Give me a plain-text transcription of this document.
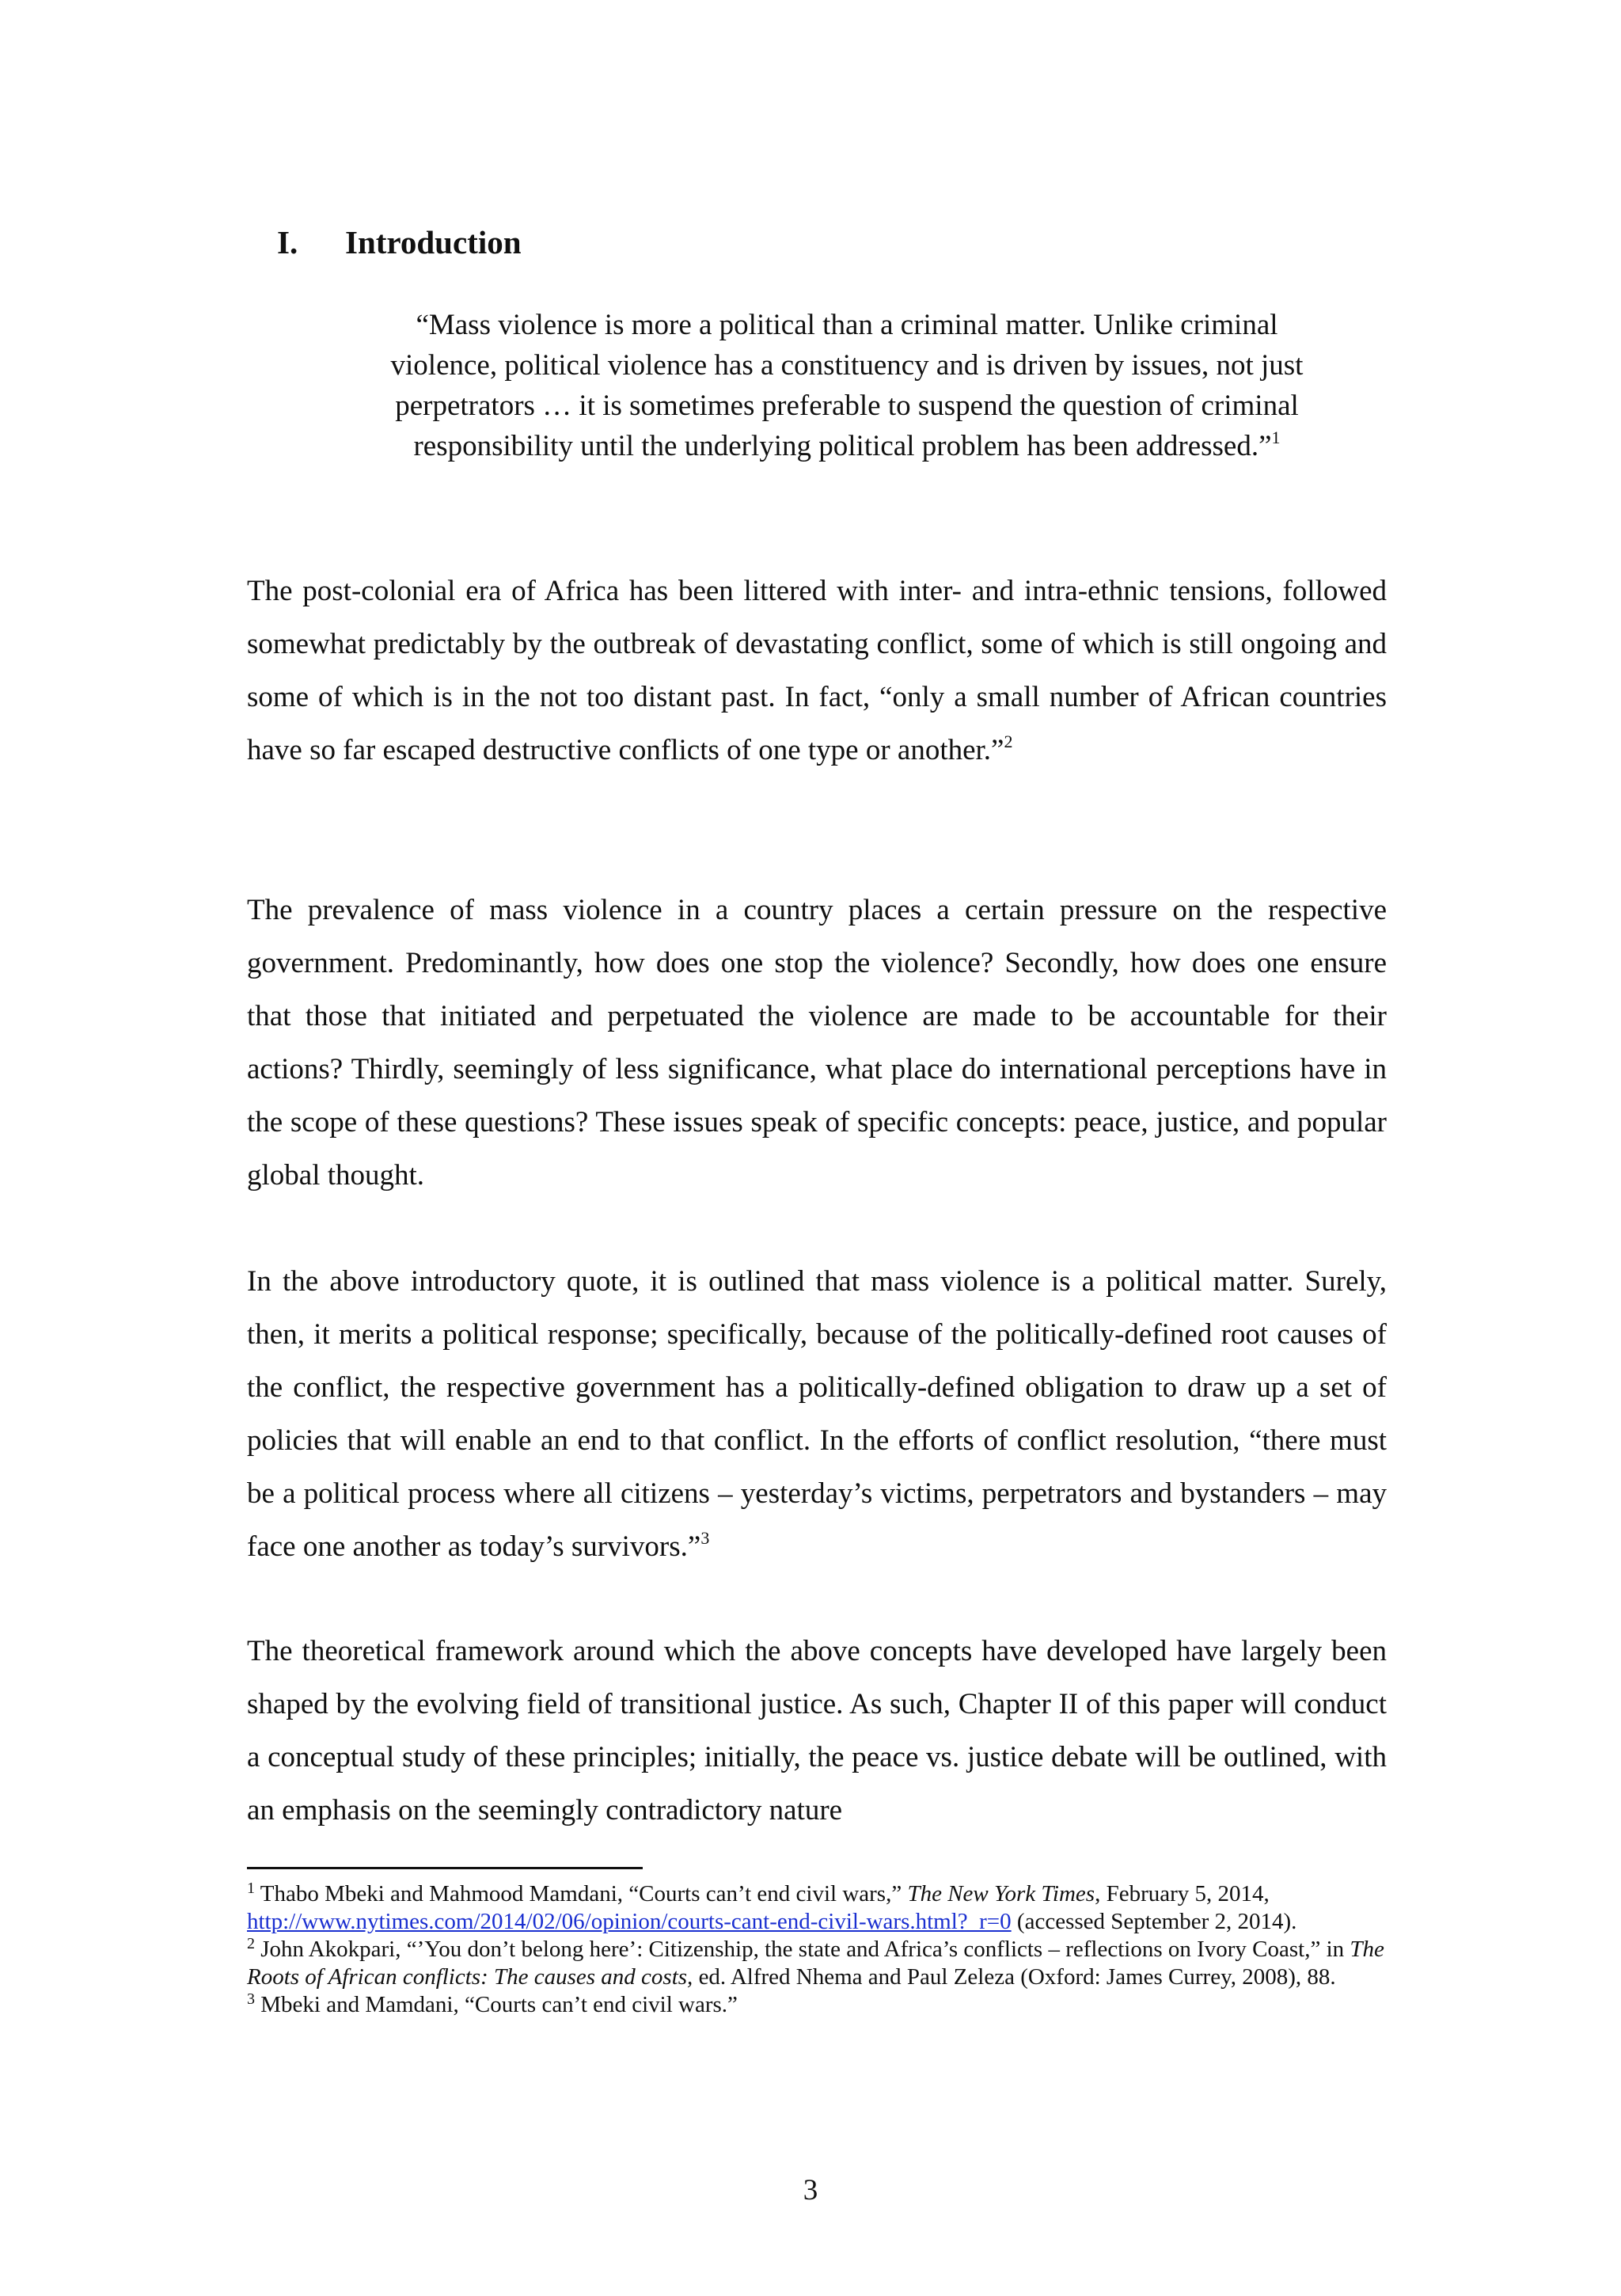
I. Introduction
“Mass violence is more a political than a criminal matter. Unlike criminal violence, political violence has a constituency and is driven by issues, not just perpetrators … it is sometimes preferable to suspend the question of criminal responsibility until the underlying political problem has been addressed.”$^1$
The post-colonial era of Africa has been littered with inter- and intra-ethnic tensions, followed somewhat predictably by the outbreak of devastating conflict, some of which is still ongoing and some of which is in the not too distant past. In fact, “only a small number of African countries have so far escaped destructive conflicts of one type or another.”$^2$
The prevalence of mass violence in a country places a certain pressure on the respective government. Predominantly, how does one stop the violence? Secondly, how does one ensure that those that initiated and perpetuated the violence are made to be accountable for their actions? Thirdly, seemingly of less significance, what place do international perceptions have in the scope of these questions? These issues speak of specific concepts: peace, justice, and popular global thought.
In the above introductory quote, it is outlined that mass violence is a political matter. Surely, then, it merits a political response; specifically, because of the politically-defined root causes of the conflict, the respective government has a politically-defined obligation to draw up a set of policies that will enable an end to that conflict. In the efforts of conflict resolution, “there must be a political process where all citizens – yesterday’s victims, perpetrators and bystanders – may face one another as today’s survivors.”$^3$
The theoretical framework around which the above concepts have developed have largely been shaped by the evolving field of transitional justice. As such, Chapter II of this paper will conduct a conceptual study of these principles; initially, the peace vs. justice debate will be outlined, with an emphasis on the seemingly contradictory nature

$^1$ Thabo Mbeki and Mahmood Mamdani, “Courts can’t end civil wars,” The New York Times, February 5, 2014, http://www.nytimes.com/2014/02/06/opinion/courts-cant-end-civil-wars.html?_r=0 (accessed September 2, 2014).

$^2$ John Akokpari, “’You don’t belong here’: Citizenship, the state and Africa’s conflicts – reflections on Ivory Coast,” in The Roots of African conflicts: The causes and costs, ed. Alfred Nhema and Paul Zeleza (Oxford: James Currey, 2008), 88.

$^3$ Mbeki and Mamdani, “Courts can’t end civil wars.”

3
